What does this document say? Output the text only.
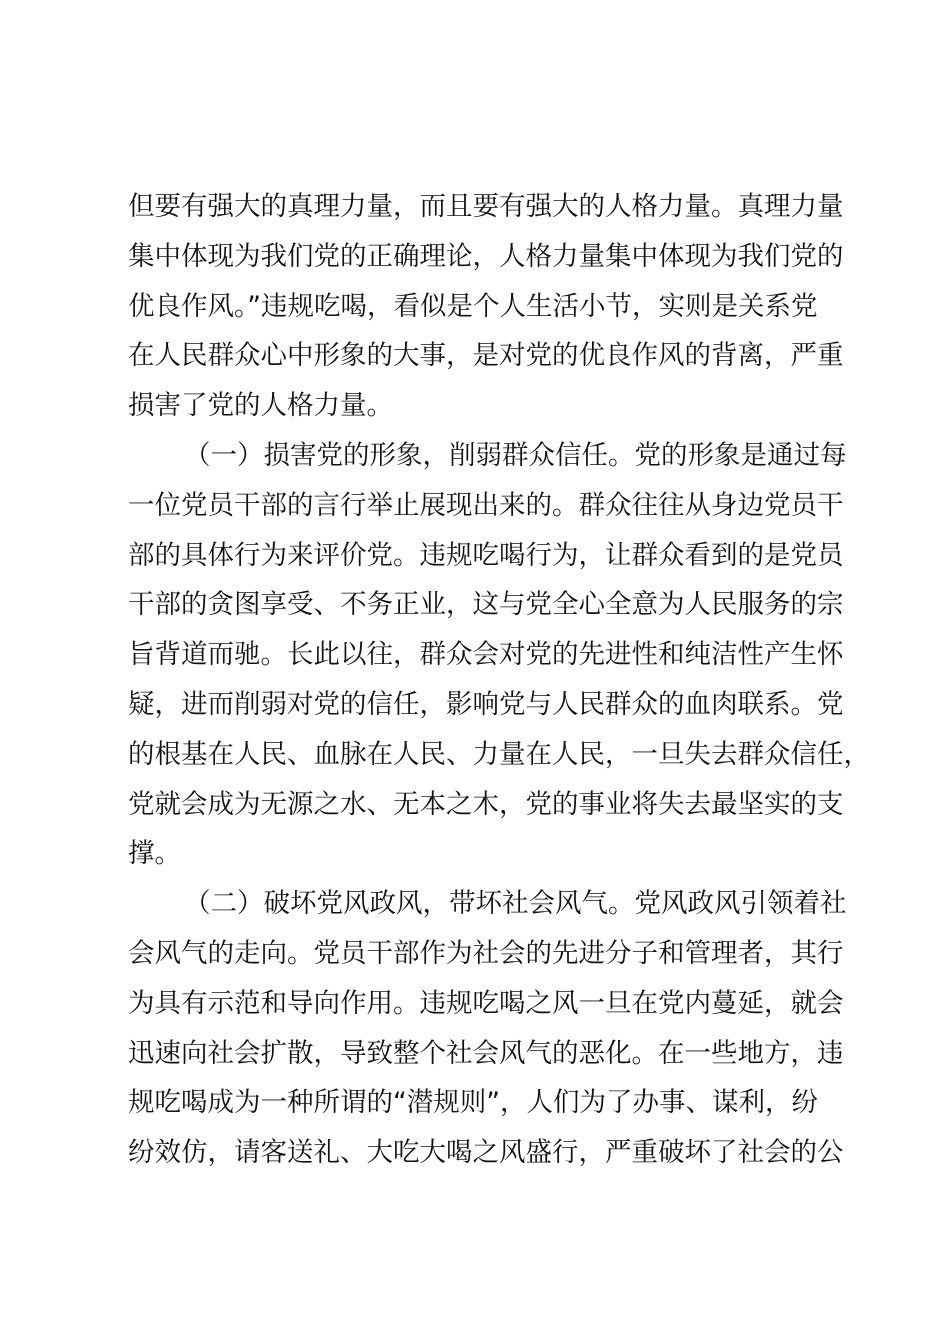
但要有强大的真理力量，而且要有强大的人格力量。真理力量
集中体现为我们党的正确理论，人格力量集中体现为我们党的
优良作风。”违规吃喝，看似是个人生活小节，实则是关系党
在人民群众心中形象的大事，是对党的优良作风的背离，严重
损害了党的人格力量。
（一）损害党的形象，削弱群众信任。党的形象是通过每
一位党员干部的言行举止展现出来的。群众往往从身边党员干
部的具体行为来评价党。违规吃喝行为，让群众看到的是党员
干部的贪图享受、不务正业，这与党全心全意为人民服务的宗
旨背道而驰。长此以往，群众会对党的先进性和纯洁性产生怀
疑，进而削弱对党的信任，影响党与人民群众的血肉联系。党
的根基在人民、血脉在人民、力量在人民，一旦失去群众信任，
党就会成为无源之水、无本之木，党的事业将失去最坚实的支
撑。
（二）破坏党风政风，带坏社会风气。党风政风引领着社
会风气的走向。党员干部作为社会的先进分子和管理者，其行
为具有示范和导向作用。违规吃喝之风一旦在党内蔓延，就会
迅速向社会扩散，导致整个社会风气的恶化。在一些地方，违
规吃喝成为一种所谓的“潜规则”，人们为了办事、谋利，纷
纷效仿，请客送礼、大吃大喝之风盛行，严重破坏了社会的公
